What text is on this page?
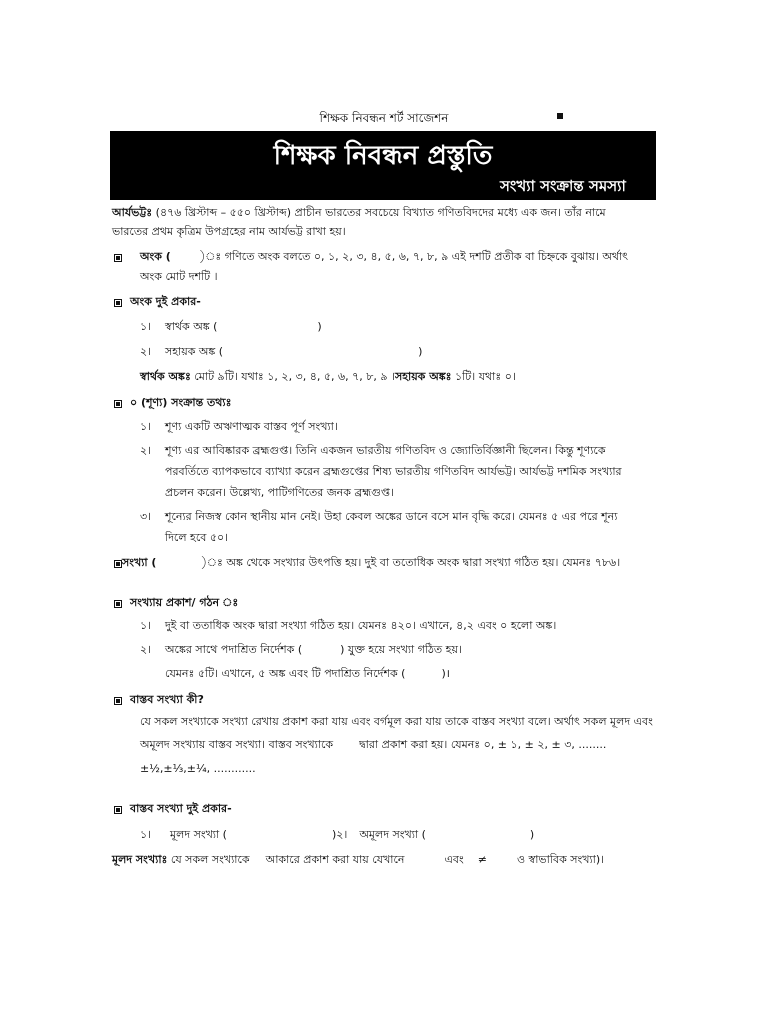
শিক্ষক নিবন্ধন শর্ট সাজেশন
শিক্ষক নিবন্ধন প্রস্তুতি
সংখ্যা সংক্রান্ত সমস্যা
আর্যভট্টঃ (৪৭৬ খ্রিস্টাব্দ – ৫৫০ খ্রিস্টাব্দ) প্রাচীন ভারতের সবচেয়ে বিখ্যাত গণিতবিদদের মধ্যে এক জন। তাঁর নামে
ভারতের প্রথম কৃত্রিম উপগ্রহের নাম আর্যভট্ট রাখা হয়।
অংক (	)ঃ গণিতে অংক বলতে ০, ১, ২, ৩, ৪, ৫, ৬, ৭, ৮, ৯ এই দশটি প্রতীক বা চিহ্নকে বুঝায়। অর্থাৎ
অংক মোট দশটি ।
অংক দুই প্রকার-
১। স্বার্থক অঙ্ক (	)
২। সহায়ক অঙ্ক (	)
স্বার্থক অঙ্কঃ মোট ৯টি। যথাঃ ১, ২, ৩, ৪, ৫, ৬, ৭, ৮, ৯ ।সহায়ক অঙ্কঃ ১টি। যথাঃ ০।
০ (শূণ্য) সংক্রান্ত তথ্যঃ
১। শূণ্য একটি অঋণাত্মক বাস্তব পূর্ণ সংখ্যা।
২। শূণ্য এর আবিষ্কারক ব্রহ্মগুপ্ত। তিনি একজন ভারতীয় গণিতবিদ ও জ্যোতির্বিজ্ঞানী ছিলেন। কিন্তু শূণ্যকে
পরবর্তিতে ব্যাপকভাবে ব্যাখ্যা করেন ব্রহ্মগুপ্তের শিষ্য ভারতীয় গণিতবিদ আর্যভট্ট। আর্যভট্ট দশমিক সংখ্যার
প্রচলন করেন। উল্লেখ্য, পাটিগণিতের জনক ব্রহ্মগুপ্ত।
৩। শূন্যের নিজস্ব কোন স্থানীয় মান নেই। উহা কেবল অঙ্কের ডানে বসে মান বৃদ্ধি করে। যেমনঃ ৫ এর পরে শূন্য
দিলে হবে ৫০।
সংখ্যা (	)ঃ অঙ্ক থেকে সংখ্যার উৎপত্তি হয়। দুই বা ততোধিক অংক দ্বারা সংখ্যা গঠিত হয়। যেমনঃ ৭৮৬।
সংখ্যায় প্রকাশ/ গঠন ঃ
১। দুই বা ততাধিক অংক দ্বারা সংখ্যা গঠিত হয়। যেমনঃ ৪২০। এখানে, ৪,২ এবং ০ হলো অঙ্ক।
২। অঙ্কের সাথে পদাশ্রিত নির্দেশক (	) যুক্ত হয়ে সংখ্যা গঠিত হয়।
যেমনঃ ৫টি। এখানে, ৫ অঙ্ক এবং টি পদাশ্রিত নির্দেশক (	)।
বাস্তব সংখ্যা কী?
যে সকল সংখ্যাকে সংখ্যা রেখায় প্রকাশ করা যায় এবং বর্গমূল করা যায় তাকে বাস্তব সংখ্যা বলে। অর্থাৎ সকল মূলদ এবং
অমূলদ সংখ্যায় বাস্তব সংখ্যা। বাস্তব সংখ্যাকে দ্বারা প্রকাশ করা হয়। যেমনঃ ০, ± ১, ± ২, ± ৩, ........
±½,±⅓,±¼, ............
বাস্তব সংখ্যা দুই প্রকার-
১। মূলদ সংখ্যা (	)২। অমূলদ সংখ্যা (	)
মূলদ সংখ্যাঃ যে সকল সংখ্যাকে আকারে প্রকাশ করা যায় যেখানে	এবং ≠	ও স্বাভাবিক সংখ্যা)।
